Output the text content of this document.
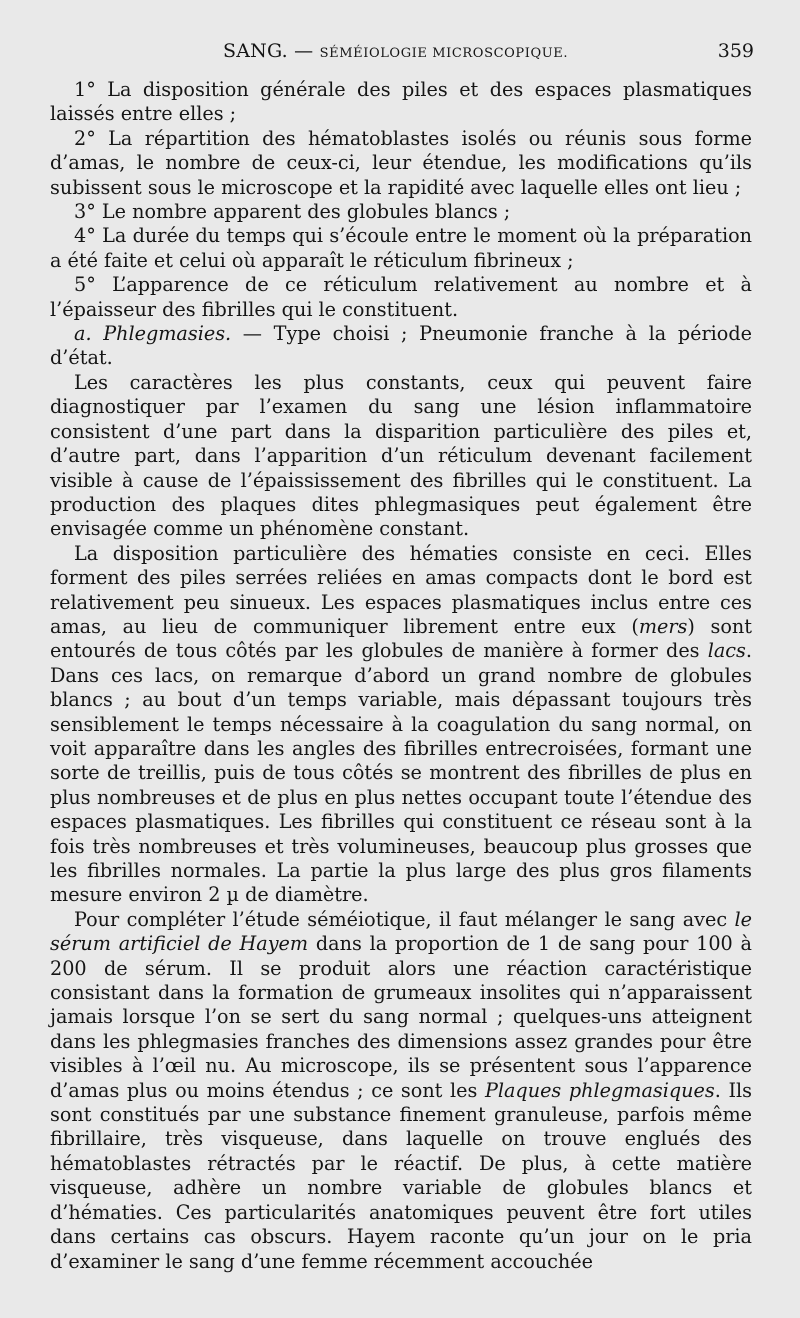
SANG. — SÉMÉIOLOGIE MICROSCOPIQUE.	359

1° La disposition générale des piles et des espaces plasmatiques laissés entre elles ;

2° La répartition des hématoblastes isolés ou réunis sous forme d’amas, le nombre de ceux-ci, leur étendue, les modifications qu’ils subissent sous le microscope et la rapidité avec laquelle elles ont lieu ;

3° Le nombre apparent des globules blancs ;

4° La durée du temps qui s’écoule entre le moment où la préparation a été faite et celui où apparaît le réticulum fibrineux ;

5° L’apparence de ce réticulum relativement au nombre et à l’épaisseur des fibrilles qui le constituent.

a. Phlegmasies. — Type choisi ; Pneumonie franche à la période d’état.

Les caractères les plus constants, ceux qui peuvent faire diagnostiquer par l’examen du sang une lésion inflammatoire consistent d’une part dans la disparition particulière des piles et, d’autre part, dans l’apparition d’un réticulum devenant facilement visible à cause de l’épaississement des fibrilles qui le constituent. La production des plaques dites phlegmasiques peut également être envisagée comme un phénomène constant.

La disposition particulière des hématies consiste en ceci. Elles forment des piles serrées reliées en amas compacts dont le bord est relativement peu sinueux. Les espaces plasmatiques inclus entre ces amas, au lieu de communiquer librement entre eux (mers) sont entourés de tous côtés par les globules de manière à former des lacs. Dans ces lacs, on remarque d’abord un grand nombre de globules blancs ; au bout d’un temps variable, mais dépassant toujours très sensiblement le temps nécessaire à la coagulation du sang normal, on voit apparaître dans les angles des fibrilles entrecroisées, formant une sorte de treillis, puis de tous côtés se montrent des fibrilles de plus en plus nombreuses et de plus en plus nettes occupant toute l’étendue des espaces plasmatiques. Les fibrilles qui constituent ce réseau sont à la fois très nombreuses et très volumineuses, beaucoup plus grosses que les fibrilles normales. La partie la plus large des plus gros filaments mesure environ 2 µ de diamètre.

Pour compléter l’étude séméiotique, il faut mélanger le sang avec le sérum artificiel de Hayem dans la proportion de 1 de sang pour 100 à 200 de sérum. Il se produit alors une réaction caractéristique consistant dans la formation de grumeaux insolites qui n’apparaissent jamais lorsque l’on se sert du sang normal ; quelques-uns atteignent dans les phlegmasies franches des dimensions assez grandes pour être visibles à l’œil nu. Au microscope, ils se présentent sous l’apparence d’amas plus ou moins étendus ; ce sont les Plaques phlegmasiques. Ils sont constitués par une substance finement granuleuse, parfois même fibrillaire, très visqueuse, dans laquelle on trouve englués des hématoblastes rétractés par le réactif. De plus, à cette matière visqueuse, adhère un nombre variable de globules blancs et d’hématies. Ces particularités anatomiques peuvent être fort utiles dans certains cas obscurs. Hayem raconte qu’un jour on le pria d’examiner le sang d’une femme récemment accouchée
